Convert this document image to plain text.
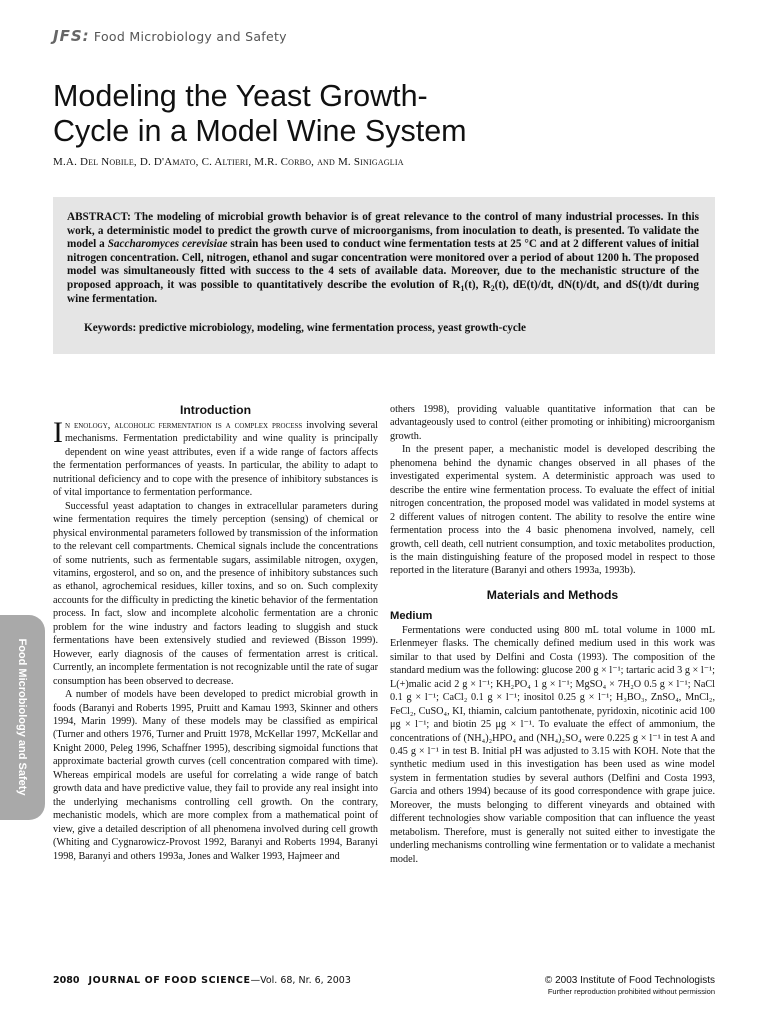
JFS: Food Microbiology and Safety
Modeling the Yeast Growth-
Cycle in a Model Wine System
M.A. Del Nobile, D. D'Amato, C. Altieri, M.R. Corbo, and M. Sinigaglia
ABSTRACT: The modeling of microbial growth behavior is of great relevance to the control of many industrial processes. In this work, a deterministic model to predict the growth curve of microorganisms, from inoculation to death, is presented. To validate the model a Saccharomyces cerevisiae strain has been used to conduct wine fermentation tests at 25 °C and at 2 different values of initial nitrogen concentration. Cell, nitrogen, ethanol and sugar concentration were monitored over a period of about 1200 h. The proposed model was simultaneously fitted with success to the 4 sets of available data. Moreover, due to the mechanistic structure of the proposed approach, it was possible to quantitatively describe the evolution of $R_1(t)$, $R_2(t)$, dE(t)/dt, dN(t)/dt, and dS(t)/dt during wine fermentation.
Keywords: predictive microbiology, modeling, wine fermentation process, yeast growth-cycle
Introduction

In enology, alcoholic fermentation is a complex process involving several mechanisms. Fermentation predictability and wine quality is principally dependent on wine yeast attributes, even if a wide range of factors affects the fermentation performances of yeasts. In particular, the ability to adapt to nutritional deficiency and to cope with the presence of inhibitory substances is of vital importance to fermentation performance.

Successful yeast adaptation to changes in extracellular parameters during wine fermentation requires the timely perception (sensing) of chemical or physical environmental parameters followed by transmission of the information to the relevant cell compartments. Chemical signals include the concentrations of some nutrients, such as fermentable sugars, assimilable nitrogen, oxygen, vitamins, ergosterol, and so on, and the presence of inhibitory substances such as ethanol, agrochemical residues, killer toxins, and so on. Such complexity accounts for the difficulty in predicting the kinetic behavior of the fermentation process. In fact, slow and incomplete alcoholic fermentation are a chronic problem for the wine industry and factors leading to sluggish and stuck fermentations have been extensively studied and reviewed (Bisson 1999). However, early diagnosis of the causes of fermentation arrest is critical. Currently, an incomplete fermentation is not recognizable until the rate of sugar consumption has been observed to decrease.

A number of models have been developed to predict microbial growth in foods (Baranyi and Roberts 1995, Pruitt and Kamau 1993, Skinner and others 1994, Marin 1999). Many of these models may be classified as empirical (Turner and others 1976, Turner and Pruitt 1978, McKellar 1997, McKellar and Knight 2000, Peleg 1996, Schaffner 1995), describing sigmoidal functions that approximate bacterial growth curves (cell concentration compared with time). Whereas empirical models are useful for correlating a wide range of batch growth data and have predictive value, they fail to provide any real insight into the underlying mechanisms controlling cell growth. On the contrary, mechanistic models, which are more complex from a mathematical point of view, give a detailed description of all phenomena involved during cell growth (Whiting and Cygnarowicz-Provost 1992, Baranyi and Roberts 1994, Baranyi 1998, Baranyi and others 1993a, Jones and Walker 1993, Hajmeer and

others 1998), providing valuable quantitative information that can be advantageously used to control (either promoting or inhibiting) microorganism growth.

In the present paper, a mechanistic model is developed describing the phenomena behind the dynamic changes observed in all phases of the investigated experimental system. A deterministic approach was used to describe the entire wine fermentation process. To evaluate the effect of initial nitrogen concentration, the proposed model was validated in model systems at 2 different values of nitrogen content. The ability to resolve the entire wine fermentation process into the 4 basic phenomena involved, namely, cell growth, cell death, cell nutrient consumption, and toxic metabolites production, is the main distinguishing feature of the proposed model in respect to those reported in the literature (Baranyi and others 1993a, 1993b).

Materials and Methods
Medium

Fermentations were conducted using 800 mL total volume in 1000 mL Erlenmeyer flasks. The chemically defined medium used in this work was similar to that used by Delfini and Costa (1993). The composition of the standard medium was the following: glucose 200 g × l⁻¹; tartaric acid 3 g × l⁻¹; L(+)malic acid 2 g × l⁻¹; KH₂PO₄ 1 g × l⁻¹; MgSO₄ × 7H₂O 0.5 g × l⁻¹; NaCl 0.1 g × l⁻¹; CaCl₂ 0.1 g × l⁻¹; inositol 0.25 g × l⁻¹; H₃BO₃, ZnSO₄, MnCl₂, FeCl₂, CuSO₄, KI, thiamin, calcium pantothenate, pyridoxin, nicotinic acid 100 μg × l⁻¹; and biotin 25 μg × l⁻¹. To evaluate the effect of ammonium, the concentrations of (NH₄)₂HPO₄ and (NH₄)₂SO₄ were 0.225 g × l⁻¹ in test A and 0.45 g × l⁻¹ in test B. Initial pH was adjusted to 3.15 with KOH. Note that the synthetic medium used in this investigation has been used as wine model system in fermentation studies by several authors (Delfini and Costa 1993, Garcia and others 1994) because of its good correspondence with grape juice. Moreover, the musts belonging to different vineyards and obtained with different technologies show variable composition that can influence the yeast metabolism. Therefore, must is generally not suited either to investigate the underling mechanisms controlling wine fermentation or to validate a mechanist model.

Food Microbiology and Safety
2080 JOURNAL OF FOOD SCIENCE—Vol. 68, Nr. 6, 2003	© 2003 Institute of Food Technologists
Further reproduction prohibited without permission
